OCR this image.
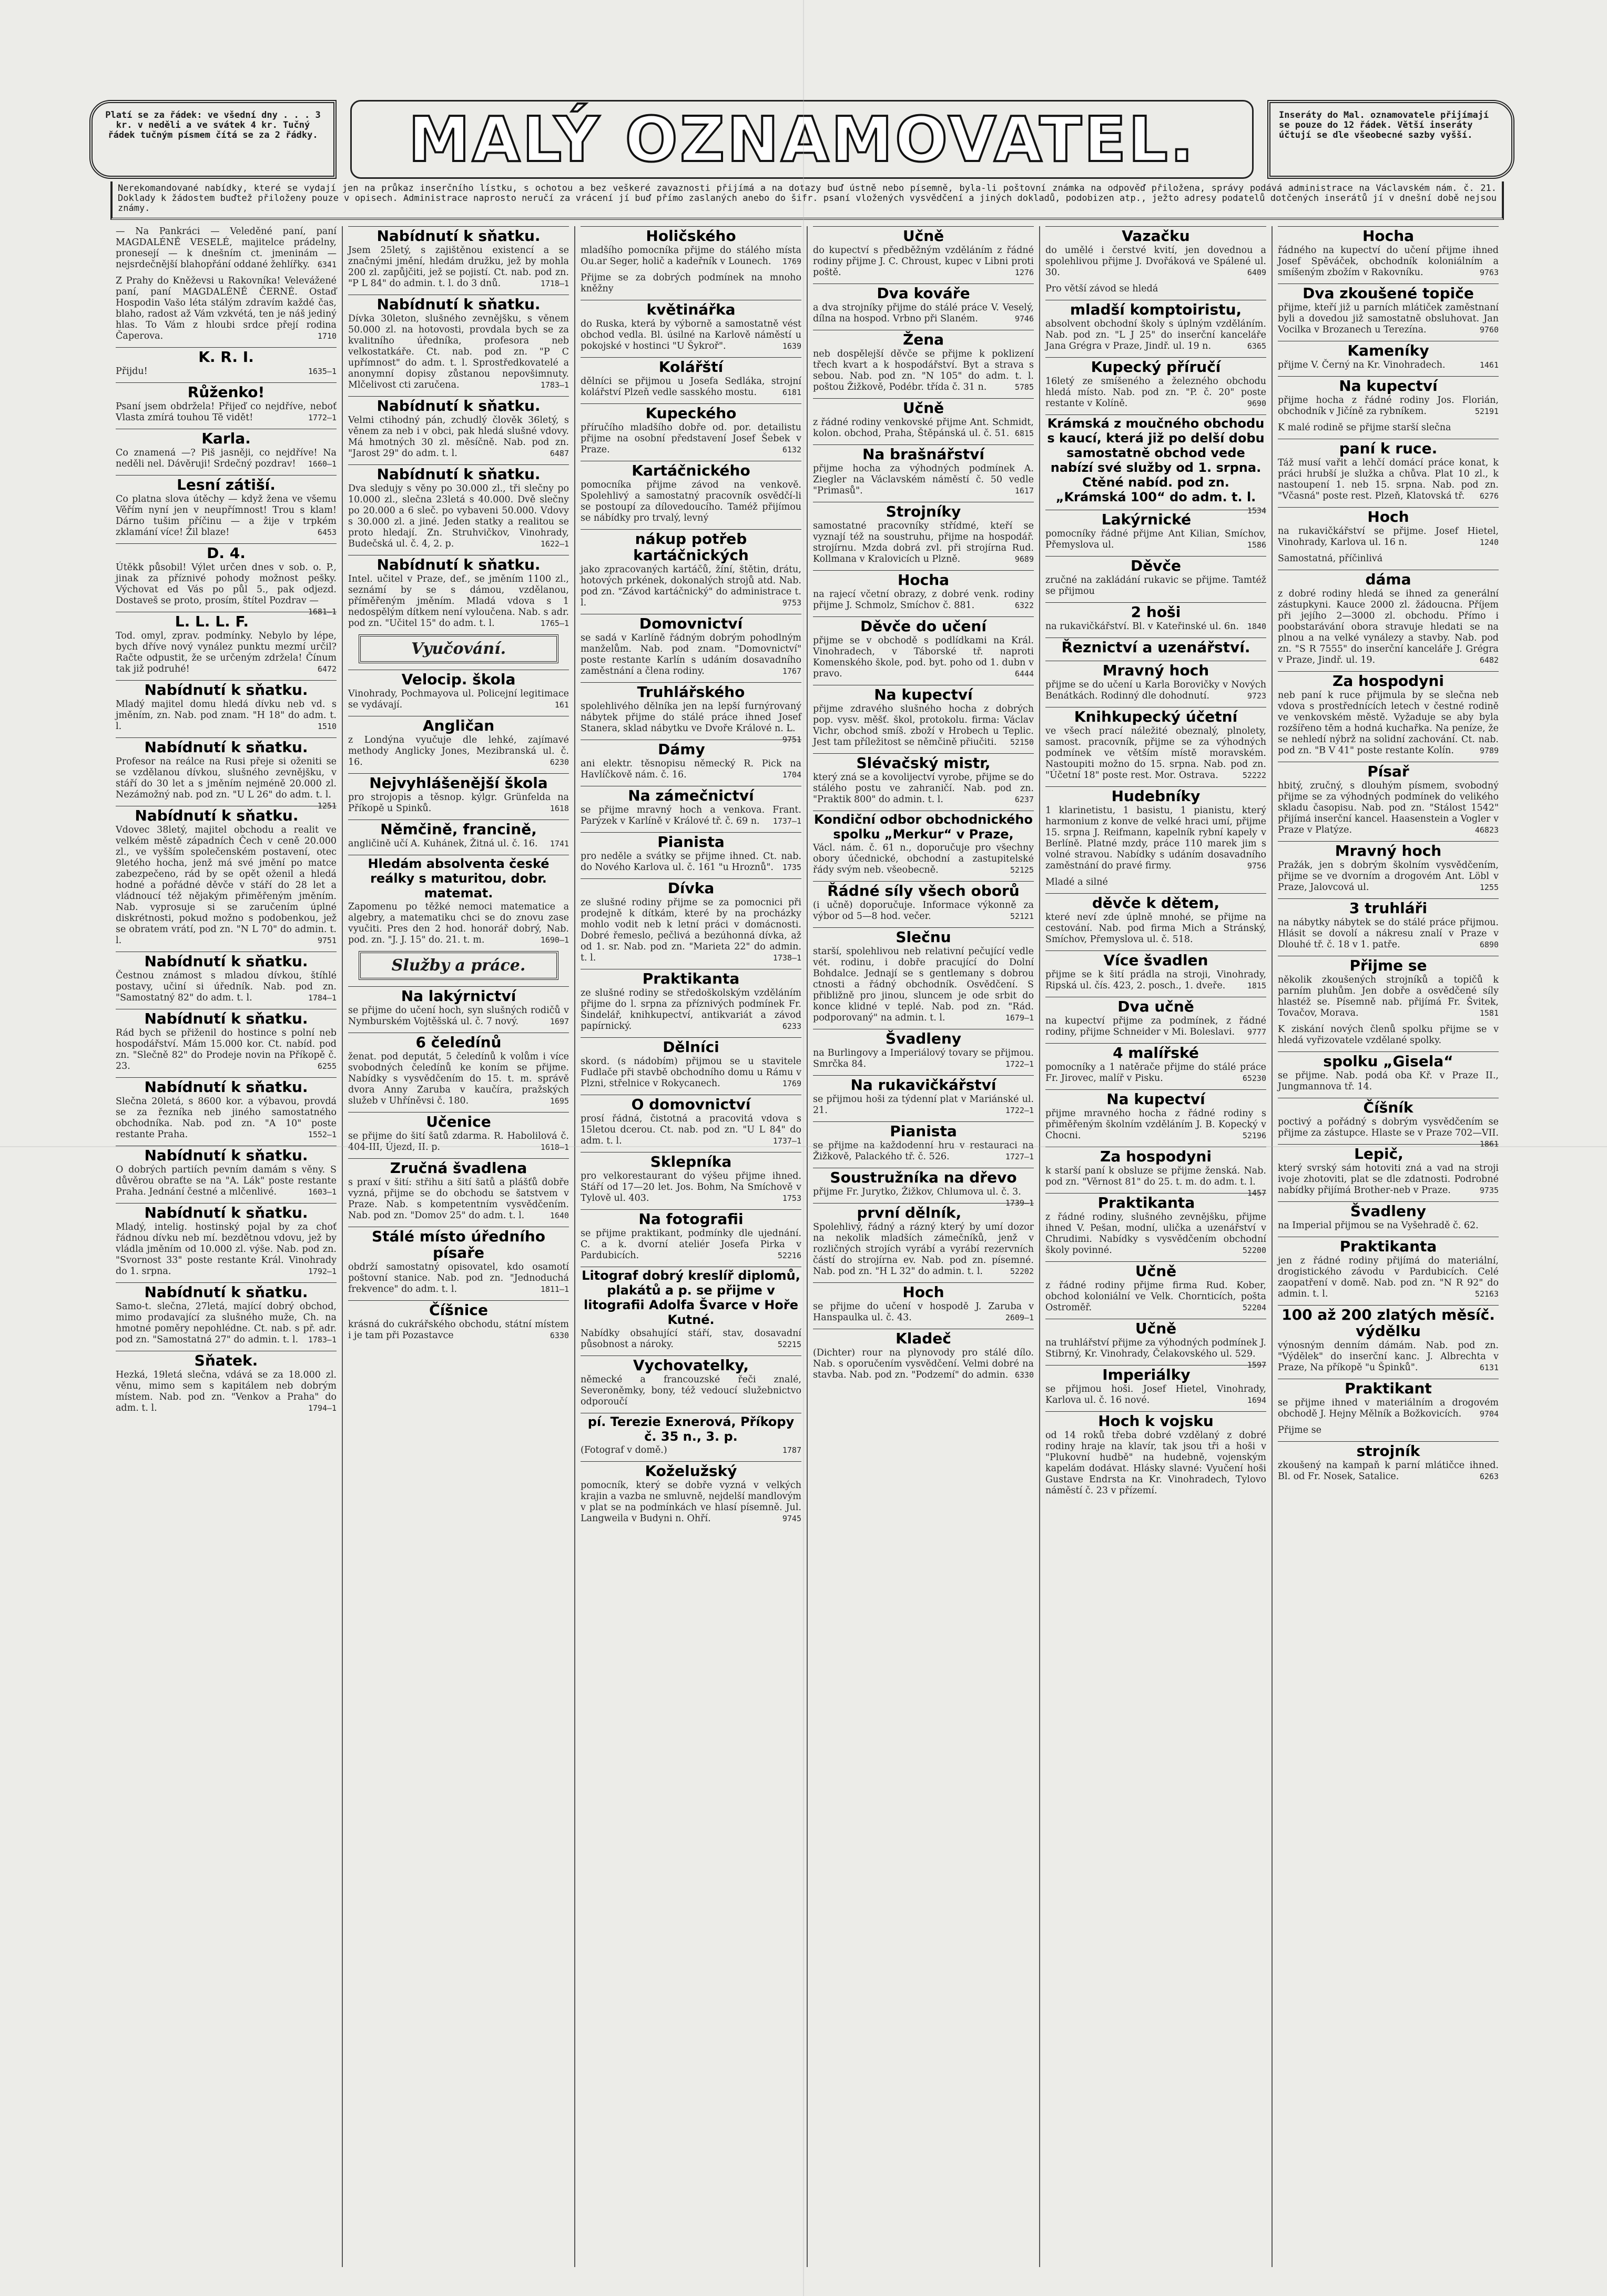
Platí se za řádek: ve všední dny . . . 3 kr. v neděli a ve svátek 4 kr. Tučný řádek tučným písmem čítá se za 2 řádky.	MALÝ OZNAMOVATEL.	Inseráty do Mal. oznamovatele přijímají se pouze do 12 řádek. Větší inseráty účtují se dle všeobecné sazby vyšší.
Nerekomandované nabídky, které se vydají jen na průkaz inserčního lístku, s ochotou a bez veškeré zavaznosti přijímá a na dotazy buď ústně nebo písemně, byla-li poštovní známka na odpověď přiložena, správy podává administrace na Václavském nám. č. 21. Doklady k žádostem buďtež přiloženy pouze v opisech. Administrace naprosto neručí za vrácení jí buď přímo zaslaných anebo do šifr. psaní vložených vysvědčení a jiných dokladů, podobizen atp., ježto adresy podatelů dotčených inserátů jí v dnešní době nejsou známy.
— Na Pankráci — Veleděné paní, paní MAGDALÉNĚ VESELÉ, majitelce prádelny, pronesejí — k dnešním ct. jmeninám — nejsrdečnější blahopřání oddané žehlířky. 6341
Z Prahy do Kněževsi u Rakovníka! Velevážené paní, paní MAGDALÉNĚ ČERNÉ. Ostaď Hospodin Vašo léta stálým zdravím každé čas, blaho, radost až Vám vzkvétá, ten je náš jediný hlas. To Vám z hloubi srdce přejí rodina Čaperova.	1710
K. R. I.
Přijdu!	1635—1
Růženko!
Psaní jsem obdržela! Přijeď co nejdříve, neboť Vlasta zmírá touhou Tě vidět!	1772—1
Karla.
Co znamená —? Piš jasněji, co nejdříve! Na neděli nel. Dávěruji! Srdečný pozdrav! 1660—1
Lesní zátiší.
Co platna slova útěchy — když žena ve všemu Věřím nyní jen v neupřímnost! Trou s klam! Dárno tušim příčinu — a žije v trpkém zklamání více! Žil blaze!	6453
D. 4.
Útěkk působil! Výlet určen dnes v sob. o. P., jinak za příznivé pohody možnost pešky. Výchovat ed Vás po půl 5., pak odjezd. Dostaveš se proto, prosím, štítel Pozdrav —
1681—1
L. L. L. F.
Tod. omyl, zprav. podmínky. Nebylo by lépe, bych dříve nový vynález punktu mezmí určil? Račte odpustit, že se určeným zdržela! Čínum tak již podruhé!	6472
Nabídnutí k sňatku.
Mladý majitel domu hledá dívku neb vd. s jměním, zn. Nab. pod znam. "H 18" do adm. t. l.	1510
Nabídnutí k sňatku.
Profesor na reálce na Rusi přeje si oženiti se se vzdělanou dívkou, slušného zevnějšku, v stáří do 30 let a s jměním nejméně 20.000 zl. Nezámožný nab. pod zn. "U L 26" do adm. t. l.
1251
Nabídnutí k sňatku.
Vdovec 38letý, majitel obchodu a realit ve velkém městě západních Čech v ceně 20.000 zl., ve vyšším společenském postavení, otec 9letého hocha, jenž má své jmění po matce zabezpečeno, rád by se opět oženil a hledá hodné a pořádné děvče v stáří do 28 let a vládnoucí též nějakým přiměřeným jměním. Nab. vyprosuje si se zaručením úplné diskrétnosti, pokud možno s podobenkou, jež se obratem vrátí, pod zn. "N L 70" do admin. t. l.	9751
Nabídnutí k sňatku.
Čestnou známost s mladou dívkou, štíhlé postavy, učiní si úředník. Nab. pod zn. "Samostatný 82" do adm. t. l.	1784—1
Nabídnutí k sňatku.
Rád bych se přiženil do hostince s polní neb hospodářství. Mám 15.000 kor. Ct. nabíd. pod zn. "Slečně 82" do Prodeje novin na Příkopě č. 23.	6255
Nabídnutí k sňatku.
Slečna 20letá, s 8600 kor. a výbavou, provdá se za řezníka neb jiného samostatného obchodníka. Nab. pod zn. "A 10" poste restante Praha.	1552—1
Nabídnutí k sňatku.
O dobrých partiích pevním damám s věny. S důvěrou obraťte se na "A. Lák" poste restante Praha. Jednání čestné a mlčenlivé.	1603—1
Nabídnutí k sňatku.
Mladý, intelig. hostinský pojal by za choť řádnou dívku neb mí. bezdětnou vdovu, jež by vládla jměním od 10.000 zl. výše. Nab. pod zn. "Svornost 33" poste restante Král. Vinohrady do 1. srpna.	1792—1
Nabídnutí k sňatku.
Samo-t. slečna, 27letá, mající dobrý obchod, mimo prodavající za slušného muže, Ch. na hmotné poměry nepohlédne. Ct. nab. s př. adr. pod zn. "Samostatná 27" do admin. t. l. 1783—1
Sňatek.
Hezká, 19letá slečna, vdává se za 18.000 zl. věnu, mimo sem s kapitálem neb dobrým místem. Nab. pod zn. "Venkov a Praha" do adm. t. l.	1794—1
Nabídnutí k sňatku.
Jsem 25letý, s zajištěnou existencí a se značnými jmění, hledám družku, jež by mohla 200 zl. zapůjčiti, jež se pojistí. Ct. nab. pod zn. "P L 84" do admin. t. l. do 3 dnů.	1718—1
Nabídnutí k sňatku.
Dívka 30leton, slušného zevnějšku, s věnem 50.000 zl. na hotovosti, provdala bych se za kvalitního úředníka, profesora neb velkostatkáře. Ct. nab. pod zn. "P C upřímnost" do adm. t. l. Sprostředkovatelé a anonymní dopisy zůstanou nepovšimnuty. Mlčelivost cti zaručena.	1783—1
Nabídnutí k sňatku.
Velmi ctihodný pán, zchudlý člověk 36letý, s věnem za neb i v obci, pak hledá slušné vdovy. Má hmotných 30 zl. měsíčně. Nab. pod zn. "Jarost 29" do adm. t. l.	6487
Nabídnutí k sňatku.
Dva sledujy s věny po 30.000 zl., tři slečny po 10.000 zl., slečna 23letá s 40.000. Dvě slečny po 20.000 a 6 sleč. po vybaveni 50.000. Vdovy s 30.000 zl. a jiné. Jeden statky a realitou se proto hledají. Zn. Struhvičkov, Vinohrady, Budečská ul. č. 4, 2. p.	1622—1
Nabídnutí k sňatku.
Intel. učitel v Praze, def., se jměním 1100 zl., seznámí by se s dámou, vzdělanou, příměřeným jměním. Mladá vdova s 1 nedospělým dítkem není vyloučena. Nab. s adr. pod zn. "Učitel 15" do adm. t. l.	1765—1
Vyučování.
Velocip. škola
Vinohrady, Pochmayova ul. Policejní legitimace se vydávají.	161
Angličan
z Londýna vyučuje dle lehké, zajímavé methody Anglicky Jones, Mezibranská ul. č. 16.	6230
Nejvyhlášenější škola
pro strojopis a těsnop. kýlgr. Grünfelda na Příkopě u Spinků.	1618
Němčině, francině,
angličině učí A. Kuhánek, Žitná ul. č. 16. 1741
Hledám absolventa české reálky s maturitou, dobr. matemat.
Zapomenu po těžké nemoci matematice a algebry, a matematiku chci se do znovu zase vyučiti. Pres den 2 hod. honorář dobrý, Nab. pod. zn. "J. J. 15" do. 21. t. m.	1690—1
Služby a práce.
Na lakýrnictví
se přijme do učení hoch, syn slušných rodičů v Nymburském Vojtěšská ul. č. 7 nový.	1697
6 čeledínů
ženat. pod deputát, 5 čeledínů k volům i více svobodných čeledínů ke koním se přijme. Nabídky s vysvědčením do 15. t. m. správě dvora Anny Zaruba v kaučíra, pražských služeb v Uhříněvsi č. 180.	1695
Učenice
se přijme do šití šatů zdarma. R. Habolilová č. 404-III, Újezd, II. p.	1618—1
Zručná švadlena
s praxí v šití: střihu a šití šatů a plášťů dobře vyzná, přijme se do obchodu se šatstvem v Praze. Nab. s kompetentním vysvědčením. Nab. pod zn. "Domov 25" do adm. t. l.	1640
Stálé místo úředního písaře
obdrží samostatný opisovatel, kdo osamotí poštovní stanice. Nab. pod zn. "Jednoduchá frekvence" do adm. t. l.	1811—1
Číšnice
krásná do cukrářského obchodu, státní místem i je tam při Pozastavce	6330
Holičského
mladšího pomocníka přijme do stálého místa Ou.ar Seger, holič a kadeřník v Lounech. 1769
Přijme se za dobrých podmínek na mnoho kněžny
květinářka
do Ruska, která by výborně a samostatně vést obchod vedla. Bl. úsilné na Karlově náměstí u pokojské v hostinci "U Šykroř".	1639
Kolářští
dělníci se přijmou u Josefa Sedláka, strojní kolářství Plzeň vedle sasského mostu.	6181
Kupeckého
příručího mladšího dobře od. por. detailistu přijme na osobní představení Josef Šebek v Praze.	6132
Kartáčnického
pomocníka přijme závod na venkově. Spolehlivý a samostatný pracovník osvědčí-li se postoupí za dílovedoucího. Taméž přijímou se nábídky pro trvalý, levný
nákup potřeb kartáčnických
jako zpracovaných kartáčů, žíní, štětin, drátu, hotových prkének, dokonalých strojů atd. Nab. pod zn. "Závod kartáčnický" do administrace t. l.	9753
Domovnictví
se sadá v Karlíně řádným dobrým pohodlným manželům. Nab. pod znam. "Domovnictví" poste restante Karlín s udáním dosavadního zaměstnání a člena rodiny.	1767
Truhlářského
spolehlivého dělníka jen na lepší furnýrovaný nábytek přijme do stálé práce ihned Josef Stanera, sklad nábytku ve Dvoře Králové n. L.
9751
Dámy
ani elektr. těsnopisu německý R. Pick na Havlíčkově nám. č. 16.	1704
Na zámečnictví
se přijme mravný hoch a venkova. Frant. Parýzek v Karlíně v Králové tř. č. 69 n. 1737—1
Pianista
pro neděle a svátky se přijme ihned. Ct. nab. do Nového Karlova ul. č. 161 "u Hroznů". 1735
Dívka
ze slušné rodiny přijme se za pomocnici při prodejně k dítkám, které by na procházky mohlo vodit neb k letní práci v domácnosti. Dobré řemeslo, pečlivá a bezúhonná dívka, až od 1. sr. Nab. pod zn. "Marieta 22" do admin. t. l.	1738—1
Praktikanta
ze slušné rodiny se středoškolským vzděláním přijme do l. srpna za příznivých podmínek Fr. Šindelář, knihkupectví, antikvariát a závod papírnický.	6233
Dělníci
skord. (s nádobím) přijmou se u stavitele Fudlače při stavbě obchodního domu u Rámu v Plzni, střelnice v Rokycanech.	1769
O domovnictví
prosí řádná, čistotná a pracovitá vdova s 15letou dcerou. Ct. nab. pod zn. "U L 84" do adm. t. l.	1737—1
Sklepníka
pro velkorestaurant do výšeu přijme ihned. Stáří od 17—20 let. Jos. Bohm, Na Smíchově v Tylově ul. 403.	1753
Na fotografii
se přijme praktikant, podmínky dle ujednání. C. a k. dvorní ateliér Josefa Pirka v Pardubicích.	52216
Litograf dobrý kreslíř diplomů, plakátů a p. se přijme v litografii Adolfa Švarce v Hoře Kutné.
Nabídky obsahující stáří, stav, dosavadní působnost a nároky.	52215
Vychovatelky,
německé a francouzské řeči znalé, Severoněmky, bony, též vedoucí služebnictvo odporoučí
pí. Terezie Exnerová, Příkopy č. 35 n., 3. p.
(Fotograf v domě.)	1787
Koželužský
pomocník, který se dobře vyzná v velkých krajin a vazba ne smluvně, nejdelší mandlovým v plat se na podmínkách ve hlasí písemně. Jul. Langweila v Budyni n. Ohří.	9745
Učně
do kupectví s předběžným vzděláním z řádné rodiny přijme J. C. Chroust, kupec v Libni proti poště.	1276
Dva kováře
a dva strojníky přijme do stálé práce V. Veselý, dílna na hospod. Vrbno při Slaném.	9746
Žena
neb dospělejší děvče se přijme k poklizení třech kvart a k hospodářství. Byt a strava s sebou. Nab. pod zn. "N 105" do adm. t. l. poštou Žižkově, Podébr. třída č. 31 n.	5785
Učně
z řádné rodiny venkovské přijme Ant. Schmidt, kolon. obchod, Praha, Štěpánská ul. č. 51. 6815
Na brašnářství
přijme hocha za výhodných podmínek A. Ziegler na Václavském náměstí č. 50 vedle "Primasů".	1617
Strojníky
samostatné pracovníky střídmé, kteří se vyznají též na soustruhu, přijme na hospodář. strojírnu. Mzda dobrá zvl. při strojírna Rud. Kollmana v Kralovicích u Plzně.	9689
Hocha
na rajecí včetní obrazy, z dobré venk. rodiny přijme J. Schmolz, Smíchov č. 881.	6322
Děvče do učení
přijme se v obchodě s podlídkami na Král. Vinohradech, v Táborské tř. naproti Komenského škole, pod. byt. poho od 1. dubn v pravo.	6444
Na kupectví
přijme zdravého slušného hocha z dobrých pop. vysv. měšť. škol, protokolu. firma: Václav Vichr, obchod smíš. zboží v Hrobech u Teplic. Jest tam příležitost se němčině přiučiti. 52150
Slévačský mistr,
který zná se a kovolijectví vyrobe, přijme se do stálého postu ve zahraničí. Nab. pod zn. "Praktik 800" do admin. t. l.	6237
Kondiční odbor obchodnického spolku „Merkur“ v Praze,
Václ. nám. č. 61 n., doporučuje pro všechny obory účednické, obchodní a zastupitelské řády svým neb. všeobecně.	52125
Řádné síly všech oborů
(i učně) doporučuje. Informace výkonně za výbor od 5—8 hod. večer.	52121
Slečnu
starší, spolehlivou neb relativní pečující vedle vét. rodinu, i dobře pracující do Dolní Bohdalce. Jednají se s gentlemany s dobrou ctnosti a řádný obchodník. Osvědčení. S přibližně pro jinou, sluncem je ode srbit do konce klidné v teplé. Nab. pod zn. "Rád. podporovaný" na admin. t. l.	1679—1
Švadleny
na Burlingovy a Imperiálový tovary se přijmou. Smrčka 84.	1722—1
Na rukavičkářství
se přijmou hoši za týdenní plat v Mariánské ul. 21.	1722—1
Pianista
se přijme na každodenní hru v restauraci na Žižkově, Palackého tř. č. 526.	1727—1
Soustružníka na dřevo
přijme Fr. Jurytko, Žižkov, Chlumova ul. č. 3.
1739—1
první dělník,
Spolehlivý, řádný a rázný který by umí dozor na nekolik mladších zámečníků, jenž v rozličných strojích vyrábí a vyrábí rezervních částí do strojírna ev. Nab. pod zn. písemné. Nab. pod zn. "H L 32" do admin. t. l.	52202
Hoch
se přijme do učení v hospodě J. Zaruba v Hanspaulka ul. č. 43.	2609—1
Kladeč
(Dichter) rour na plynovody pro stálé dílo. Nab. s oporučením vysvědčení. Velmi dobré na stavba. Nab. pod zn. "Podzemí" do admin. 6330
Vazačku
do umělé i čerstvé kvití, jen dovednou a spolehlivou přijme J. Dvořáková ve Spálené ul. 30.	6409
Pro větší závod se hledá
mladší komptoiristu,
absolvent obchodní školy s úplným vzděláním. Nab. pod zn. "L J 25" do inserční kanceláře Jana Grégra v Praze, Jindř. ul. 19 n.	6365
Kupecký příručí
16letý ze smíšeného a železného obchodu hledá místo. Nab. pod zn. "P. č. 20" poste restante v Kolíně.	9690
Krámská z moučného obchodu s kaucí, která již po delší dobu samostatně obchod vede nabízí své služby od 1. srpna. Ctěné nabíd. pod zn. „Krámská 100“ do adm. t. l.
1534
Lakýrnické
pomocníky řádné přijme Ant Kilian, Smíchov, Přemyslova ul.	1586
Děvče
zručné na zakládání rukavic se přijme. Tamtéž se přijmou
2 hoši
na rukavičkářství. Bl. v Kateřinské ul. 6n. 1840
Řeznictví a uzenářství.
Mravný hoch
přijme se do učení u Karla Borovičky v Nových Benátkách. Rodinný dle dohodnutí.	9723
Knihkupecký účetní
ve všech prací náležité obeznalý, plnolety, samost. pracovník, přijme se za výhodných podmínek ve větším místě moravském. Nastoupiti možno do 15. srpna. Nab. pod zn. "Účetní 18" poste rest. Mor. Ostrava.	52222
Hudebníky
1 klarinetistu, 1 basistu, 1 pianistu, který harmonium z konve de velké hraci umí, přijme 15. srpna J. Reifmann, kapelník rybní kapely v Berlíně. Platné mzdy, práce 110 marek jim s volné stravou. Nabídky s udáním dosavadního zaměstnání do pravé firmy.	9756
Mladé a silné
děvče k dětem,
které neví zde úplně mnohé, se přijme na cestování. Nab. pod firma Mich a Stránský, Smíchov, Přemyslova ul. č. 518.
Více švadlen
přijme se k šití prádla na stroji, Vinohrady, Ripská ul. čís. 423, 2. posch., 1. dveře.	1815
Dva učně
na kupectví přijme za podmínek, z řádné rodiny, přijme Schneider v Mi. Boleslavi. 9777
4 malířské
pomocníky a 1 natěrače přijme do stálé práce Fr. Jirovec, malíř v Pisku.	65230
Na kupectví
přijme mravného hocha z řádné rodiny s přiměřeným školním vzděláním J. B. Kopecký v Chocni.	52196
Za hospodyni
k starší paní k obsluze se přijme ženská. Nab. pod zn. "Věrnost 81" do 25. t. m. do adm. t. l.
1457
Praktikanta
z řádné rodiny, slušného zevnějšku, přijme ihned V. Pešan, modní, ulička a uzenářství v Chrudimi. Nabídky s vysvědčením obchodní školy povinné.	52200
Učně
z řádné rodiny přijme firma Rud. Kober, obchod koloniální ve Velk. Chornticích, pošta Ostroměř.	52204
Učně
na truhlářství přijme za výhodných podmínek J. Stibrný, Kr. Vinohrady, Čelakovského ul. 529.
1597
Imperiálky
se přijmou hoši. Josef Hietel, Vinohrady, Karlova ul. č. 16 nové.	1694
Hoch k vojsku
od 14 roků třeba dobré vzdělaný z dobré rodiny hraje na klavír, tak jsou tři a hoši v "Plukovní hudbě" na hudebně, vojenským kapelám dodávat. Hlásky slavné: Vyučení hoši Gustave Endrsta na Kr. Vinohradech, Tylovo náměstí č. 23 v přízemí.
Hocha
řádného na kupectví do učení přijme ihned Josef Spěváček, obchodník koloniálním a smíšeným zbožím v Rakovníku.	9763
Dva zkoušené topiče
přijme, kteří již u parních mlátiček zaměstnaní byli a dovedou již samostatně obsluhovat. Jan Vocilka v Brozanech u Terezína.	9760
Kameníky
přijme V. Černý na Kr. Vinohradech.	1461
Na kupectví
přijme hocha z řádné rodiny Jos. Florián, obchodník v Jičíně za rybníkem.	52191
K malé rodině se přijme starší slečna
paní k ruce.
Táž musí vařit a lehčí domácí práce konat, k práci hrubší je služka a chůva. Plat 10 zl., k nastoupení 1. neb 15. srpna. Nab. pod zn. "Včasná" poste rest. Plzeň, Klatovská tř. 6276
Hoch
na rukavičkářství se přijme. Josef Hietel, Vinohrady, Karlova ul. 16 n.	1240
Samostatná, příčinlivá
dáma
z dobré rodiny hledá se ihned za generální zástupkyni. Kauce 2000 zl. žádoucna. Příjem při jejího 2—3000 zl. obchodu. Přímo i poobstarávání obora stravuje hledati se na plnou a na velké vynálezy a stavby. Nab. pod zn. "S R 7555" do inserční kanceláře J. Grégra v Praze, Jindř. ul. 19.	6482
Za hospodyni
neb paní k ruce přijmula by se slečna neb vdova s prostřednících letech v čestné rodině ve venkovském městě. Vyžaduje se aby byla rozšířeno těm a hodná kuchařka. Na peníze, že se nehledí nýbrž na solidní zachování. Ct. nab. pod zn. "B V 41" poste restante Kolín.	9789
Písař
hbitý, zručný, s dlouhým písmem, svobodný přijme se za výhodných podmínek do velikého skladu časopisu. Nab. pod zn. "Stálost 1542" přijímá inserční kancel. Haasenstein a Vogler v Praze v Platýze.	46823
Mravný hoch
Pražák, jen s dobrým školním vysvědčením, přijme se ve dvorním a drogovém Ant. Löbl v Praze, Jalovcová ul.	1255
3 truhláři
na nábytky nábytek se do stálé práce přijmou. Hlásit se dovolí a nákresu znalí v Praze v Dlouhé tř. č. 18 v 1. patře.	6890
Přijme se
několik zkoušených strojníků a topičů k parním pluhům. Jen dobře a osvědčené síly hlastéž se. Písemně nab. přijímá Fr. Švitek, Tovačov, Morava.	1581
K ziskání nových členů spolku přijme se v hledá vyřizovatele vzdělané spolky.
spolku „Gisela“
se přijme. Nab. podá oba Kř. v Praze II., Jungmannova tř. 14.
Číšník
poctivý a pořádný s dobrým vysvědčením se přijme za zástupce. Hlaste se v Praze 702—VII.
1861
Lepič,
který svrský sám hotoviti zná a vad na stroji ivoje zhotoviti, plat se dle zdatnosti. Podrobné nabídky přijímá Brother-neb v Praze.	9735
Švadleny
na Imperial přijmou se na Vyšehradě č. 62.
Praktikanta
jen z řádné rodiny přijímá do materiální, drogistického závodu v Pardubicích. Celé zaopatření v domě. Nab. pod zn. "N R 92" do admin. t. l.	52163
100 až 200 zlatých měsíč. výdělku
výnosným denním dámám. Nab. pod zn. "Výdělek" do inserční kanc. J. Albrechta v Praze, Na příkopě "u Špinků".	6131
Praktikant
se přijme ihned v materiálním a drogovém obchodě J. Hejny Mělník a Božkovicích. 9704
Přijme se
strojník
zkoušený na kampaň k parní mlátičce ihned. Bl. od Fr. Nosek, Satalice.	6263
